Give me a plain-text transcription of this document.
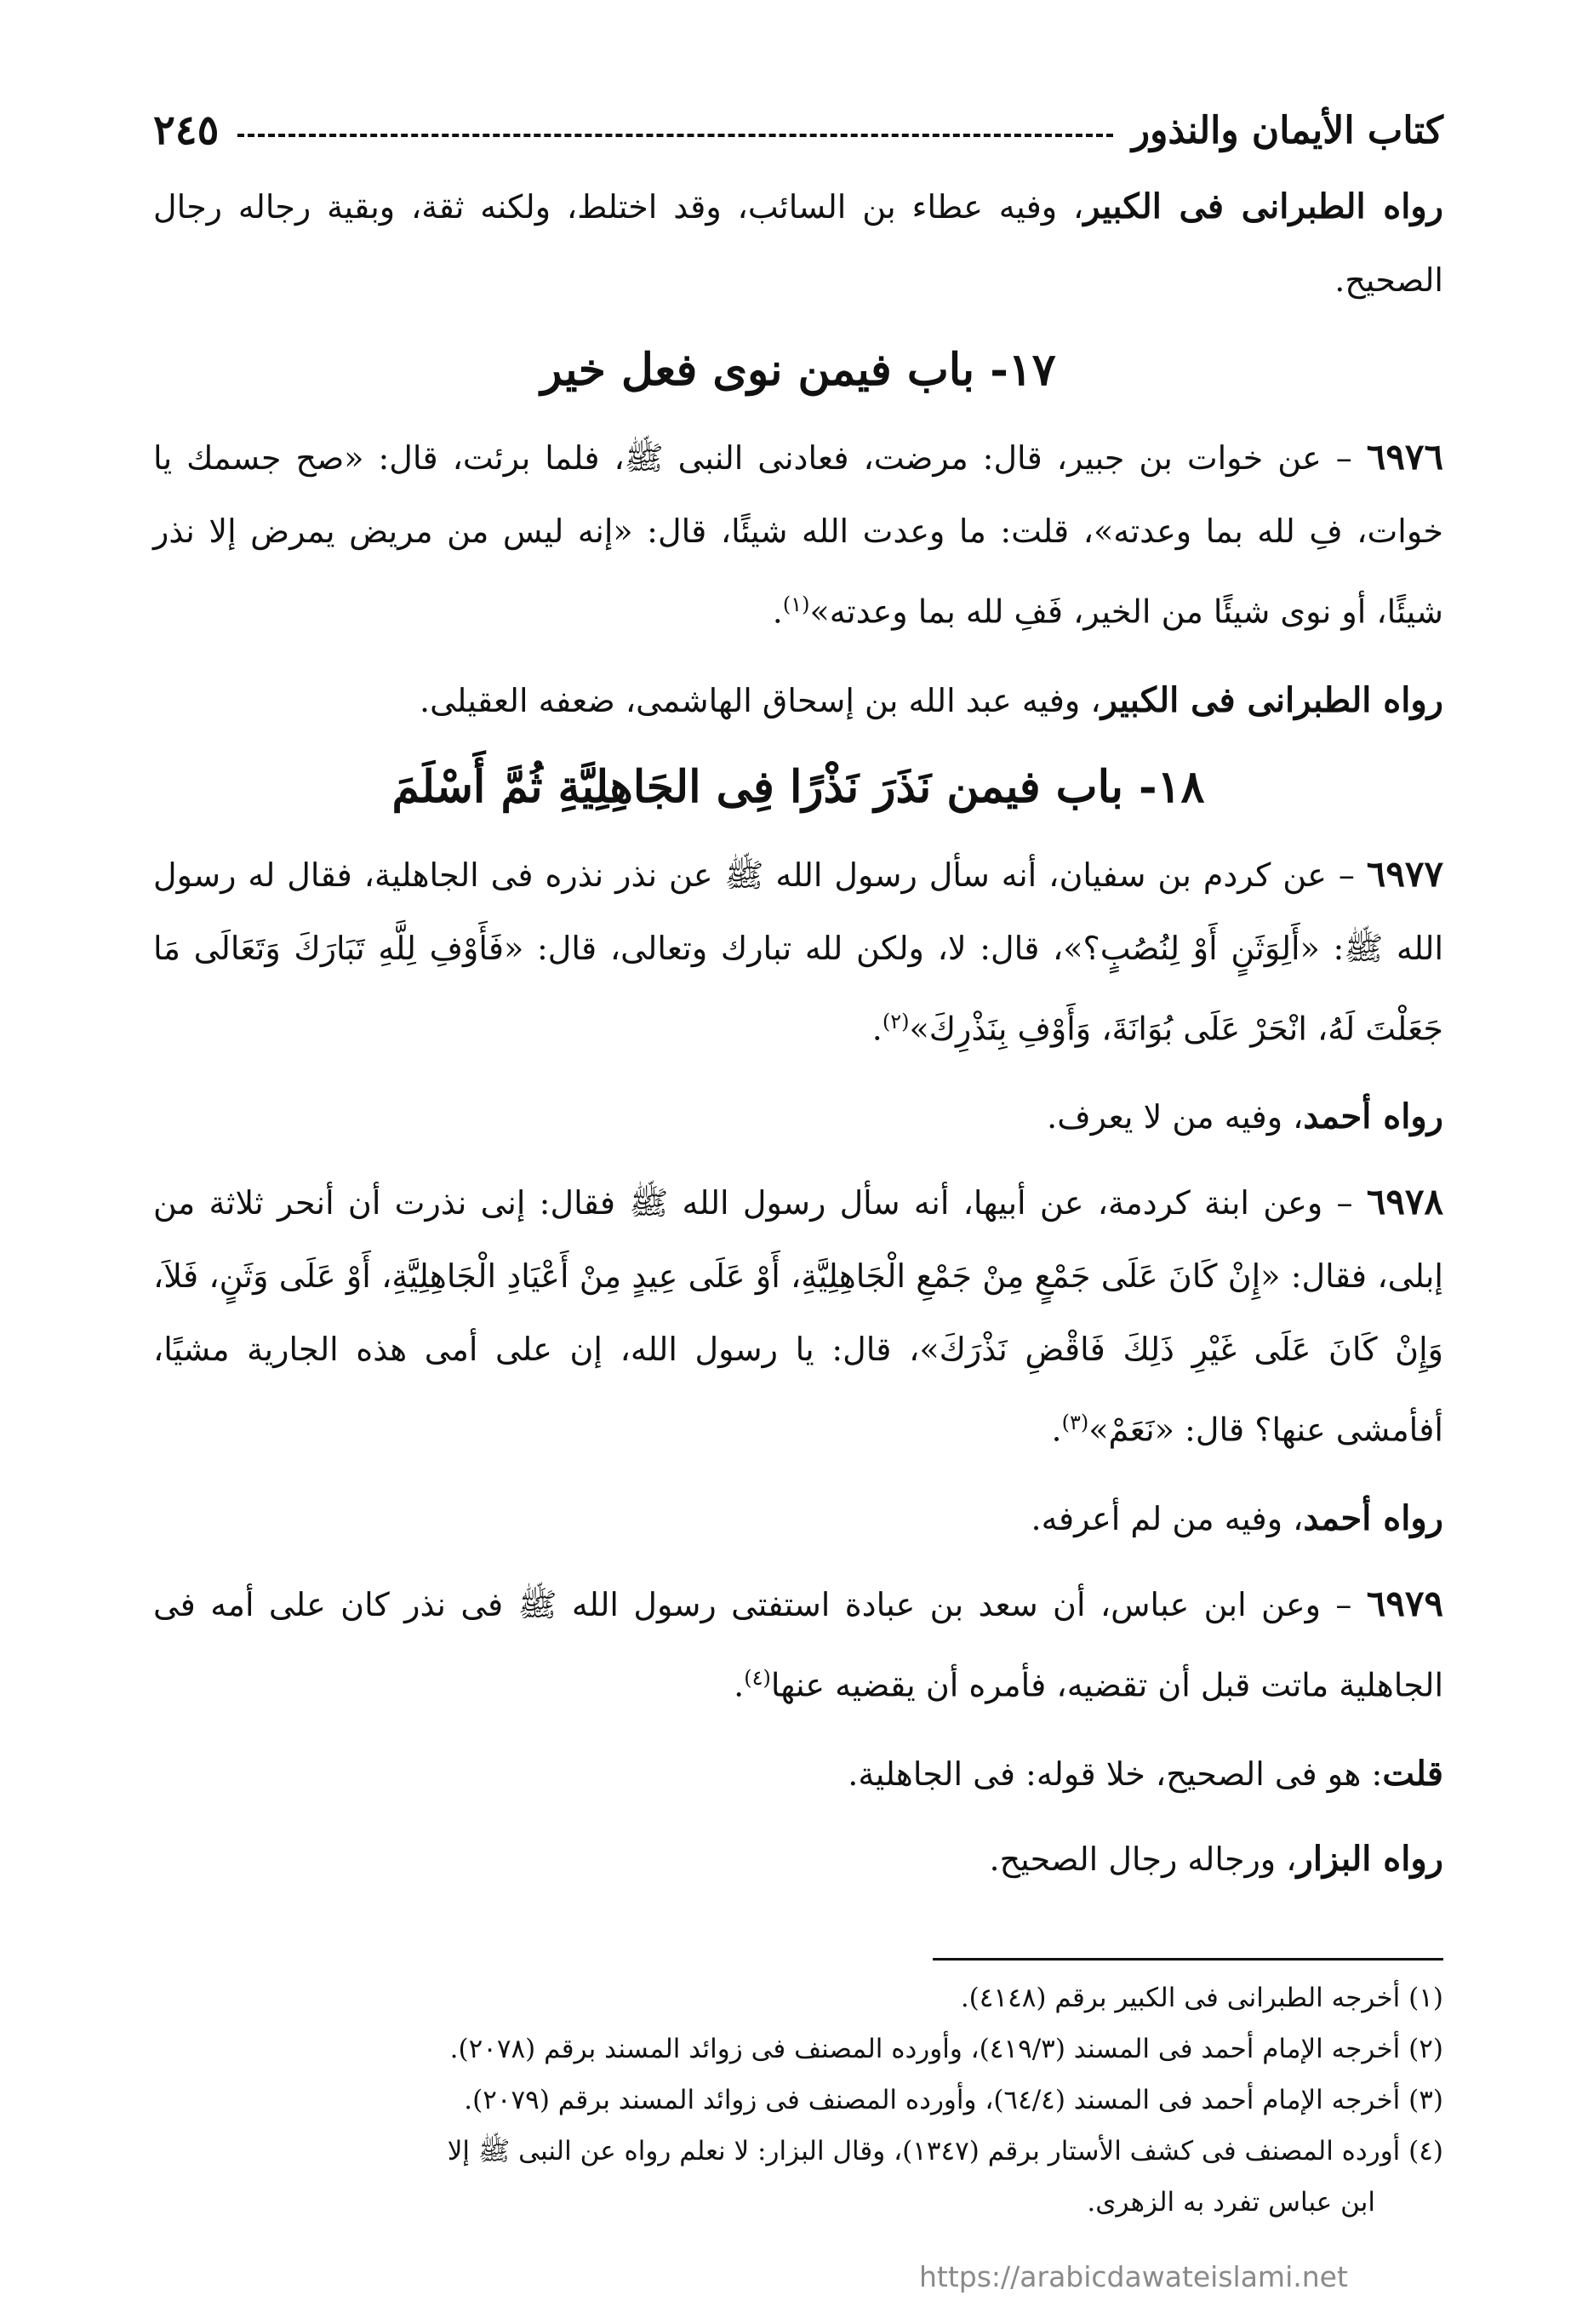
كتاب الأيمان والنذور
٢٤٥

رواه الطبرانى فى الكبير، وفيه عطاء بن السائب، وقد اختلط، ولكنه ثقة، وبقية رجاله رجال الصحيح.

١٧- باب فيمن نوى فعل خير

٦٩٧٦ – عن خوات بن جبير، قال: مرضت، فعادنى النبى ﷺ، فلما برئت، قال: «صح جسمك يا خوات، فِ لله بما وعدته»، قلت: ما وعدت الله شيئًا، قال: «إنه ليس من مريض يمرض إلا نذر شيئًا، أو نوى شيئًا من الخير، فَفِ لله بما وعدته»$^{(١)}$.

رواه الطبرانى فى الكبير، وفيه عبد الله بن إسحاق الهاشمى، ضعفه العقيلى.

١٨- باب فيمن نَذَرَ نَذْرًا فِى الجَاهِلِيَّةِ ثُمَّ أَسْلَمَ

٦٩٧٧ – عن كردم بن سفيان، أنه سأل رسول الله ﷺ عن نذر نذره فى الجاهلية، فقال له رسول الله ﷺ: «أَلِوَثَنٍ أَوْ لِنُصُبٍ؟»، قال: لا، ولكن لله تبارك وتعالى، قال: «فَأَوْفِ لِلَّهِ تَبَارَكَ وَتَعَالَى مَا جَعَلْتَ لَهُ، انْحَرْ عَلَى بُوَانَةَ، وَأَوْفِ بِنَذْرِكَ»$^{(٢)}$.

رواه أحمد، وفيه من لا يعرف.

٦٩٧٨ – وعن ابنة كردمة، عن أبيها، أنه سأل رسول الله ﷺ فقال: إنى نذرت أن أنحر ثلاثة من إبلى، فقال: «إِنْ كَانَ عَلَى جَمْعٍ مِنْ جَمْعِ الْجَاهِلِيَّةِ، أَوْ عَلَى عِيدٍ مِنْ أَعْيَادِ الْجَاهِلِيَّةِ، أَوْ عَلَى وَثَنٍ، فَلاَ، وَإِنْ كَانَ عَلَى غَيْرِ ذَلِكَ فَاقْضِ نَذْرَكَ»، قال: يا رسول الله، إن على أمى هذه الجارية مشيًا، أفأمشى عنها؟ قال: «نَعَمْ»$^{(٣)}$.

رواه أحمد، وفيه من لم أعرفه.

٦٩٧٩ – وعن ابن عباس، أن سعد بن عبادة استفتى رسول الله ﷺ فى نذر كان على أمه فى الجاهلية ماتت قبل أن تقضيه، فأمره أن يقضيه عنها$^{(٤)}$.

قلت: هو فى الصحيح، خلا قوله: فى الجاهلية.

رواه البزار، ورجاله رجال الصحيح.

(١) أخرجه الطبرانى فى الكبير برقم (٤١٤٨).
(٢) أخرجه الإمام أحمد فى المسند (٤١٩/٣)، وأورده المصنف فى زوائد المسند برقم (٢٠٧٨).
(٣) أخرجه الإمام أحمد فى المسند (٦٤/٤)، وأورده المصنف فى زوائد المسند برقم (٢٠٧٩).
(٤) أورده المصنف فى كشف الأستار برقم (١٣٤٧)، وقال البزار: لا نعلم رواه عن النبى ﷺ إلا
ابن عباس تفرد به الزهرى.
https://arabicdawateislami.net
